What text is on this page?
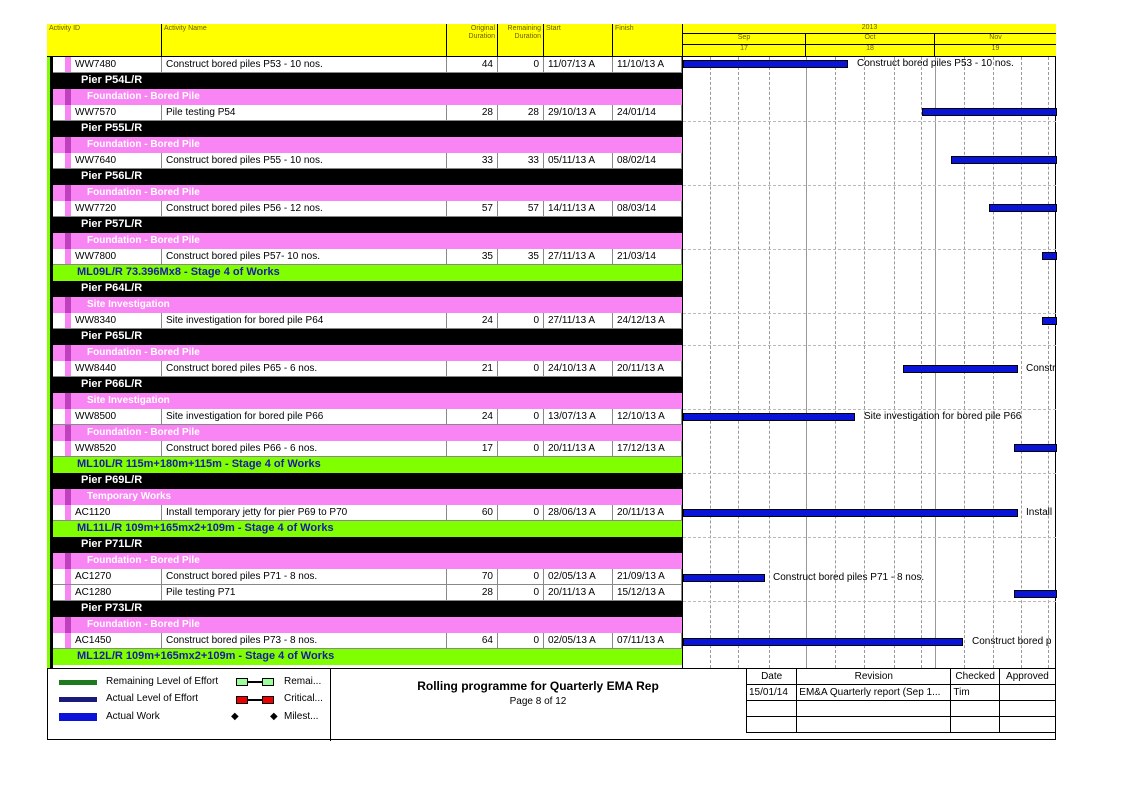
Activity ID	Activity Name	Original Duration
Remaining Duration
Start	Finish	2013
Sep	Oct	Nov
17	18	19
WW7480	Construct bored piles P53 - 10 nos.	44	0 11/07/13 A	11/10/13 A
Pier P54L/R
Foundation - Bored Pile
WW7570	Pile testing P54	28	28 29/10/13 A	24/01/14
Pier P55L/R
Foundation - Bored Pile
WW7640	Construct bored piles P55 - 10 nos.	33	33 05/11/13 A	08/02/14
Pier P56L/R
Foundation - Bored Pile
WW7720	Construct bored piles P56 - 12 nos.	57	57 14/11/13 A	08/03/14
Pier P57L/R
Foundation - Bored Pile
WW7800	Construct bored piles P57- 10 nos.	35	35 27/11/13 A	21/03/14
ML09L/R 73.396Mx8 - Stage 4 of Works
Pier P64L/R
Site Investigation
WW8340	Site investigation for bored pile P64	24	0 27/11/13 A	24/12/13 A
Pier P65L/R
Foundation - Bored Pile
WW8440	Construct bored piles P65 - 6 nos.	21	0 24/10/13 A	20/11/13 A
Pier P66L/R
Site Investigation
WW8500	Site investigation for bored pile P66	24	0 13/07/13 A	12/10/13 A
Foundation - Bored Pile
WW8520	Construct bored piles P66 - 6 nos.	17	0 20/11/13 A	17/12/13 A
ML10L/R 115m+180m+115m - Stage 4 of Works
Pier P69L/R
Temporary Works
AC1120	Install temporary jetty for pier P69 to P70	60	0 28/06/13 A	20/11/13 A
ML11L/R 109m+165mx2+109m - Stage 4 of Works
Pier P71L/R
Foundation - Bored Pile
AC1270	Construct bored piles P71 - 8 nos.	70	0 02/05/13 A	21/09/13 A
AC1280	Pile testing P71	28	0 20/11/13 A	15/12/13 A
Pier P73L/R
Foundation - Bored Pile
AC1450	Construct bored piles P73 - 8 nos.	64	0 02/05/13 A	07/11/13 A
ML12L/R 109m+165mx2+109m - Stage 4 of Works
Construct bored piles P53 - 10 nos.
Constr
Site investigation for bored pile P66
Install
Construct bored piles P71 - 8 nos.
Construct bored p
Remaining Level of Effort
Actual Level of Effort
Actual Work
Remai...
Critical...
◆	◆ Milest...
Rolling programme for Quarterly EMA Rep
Page 8 of 12
Date	Revision	Checked	Approved
15/01/14	EM&A Quarterly report (Sep 1...	Tim	
